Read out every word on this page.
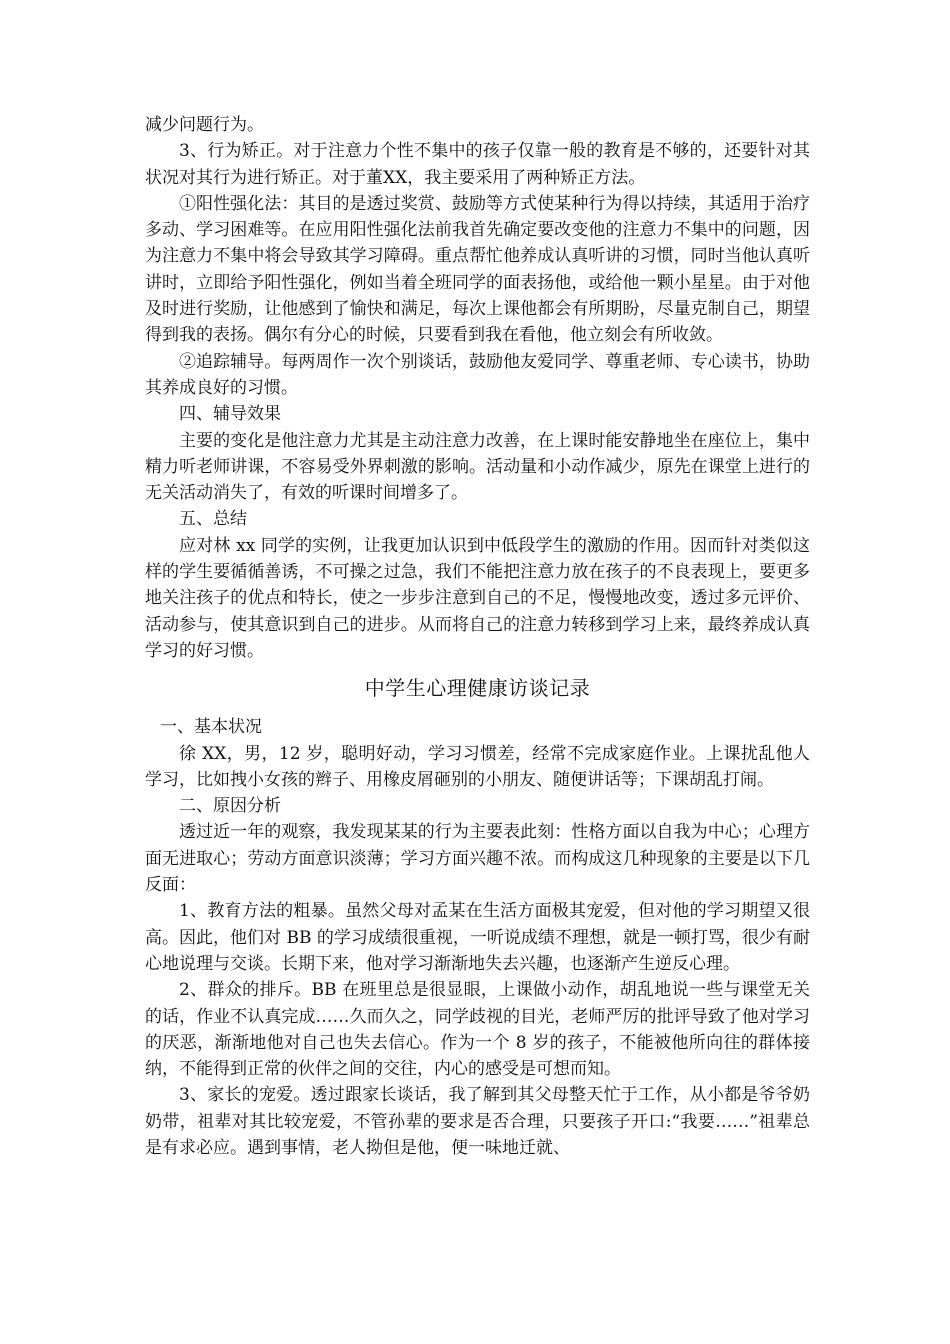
减少问题行为。

3、行为矫正。对于注意力个性不集中的孩子仅靠一般的教育是不够的，还要针对其状况对其行为进行矫正。对于董XX，我主要采用了两种矫正方法。

①阳性强化法：其目的是透过奖赏、鼓励等方式使某种行为得以持续，其适用于治疗多动、学习困难等。在应用阳性强化法前我首先确定要改变他的注意力不集中的问题，因为注意力不集中将会导致其学习障碍。重点帮忙他养成认真听讲的习惯，同时当他认真听讲时，立即给予阳性强化，例如当着全班同学的面表扬他，或给他一颗小星星。由于对他及时进行奖励，让他感到了愉快和满足，每次上课他都会有所期盼，尽量克制自己，期望得到我的表扬。偶尔有分心的时候，只要看到我在看他，他立刻会有所收敛。

②追踪辅导。每两周作一次个别谈话，鼓励他友爱同学、尊重老师、专心读书，协助其养成良好的习惯。

四、辅导效果

主要的变化是他注意力尤其是主动注意力改善，在上课时能安静地坐在座位上，集中精力听老师讲课，不容易受外界刺激的影响。活动量和小动作减少，原先在课堂上进行的无关活动消失了，有效的听课时间增多了。

五、总结

应对林 xx 同学的实例，让我更加认识到中低段学生的激励的作用。因而针对类似这样的学生要循循善诱，不可操之过急，我们不能把注意力放在孩子的不良表现上，要更多地关注孩子的优点和特长，使之一步步注意到自己的不足，慢慢地改变，透过多元评价、活动参与，使其意识到自己的进步。从而将自己的注意力转移到学习上来，最终养成认真学习的好习惯。

中学生心理健康访谈记录

一、基本状况

徐 XX，男，12 岁，聪明好动，学习习惯差，经常不完成家庭作业。上课扰乱他人学习，比如拽小女孩的辫子、用橡皮屑砸别的小朋友、随便讲话等；下课胡乱打闹。

二、原因分析

透过近一年的观察，我发现某某的行为主要表此刻：性格方面以自我为中心；心理方面无进取心；劳动方面意识淡薄；学习方面兴趣不浓。而构成这几种现象的主要是以下几反面：

1、教育方法的粗暴。虽然父母对孟某在生活方面极其宠爱，但对他的学习期望又很高。因此，他们对 BB 的学习成绩很重视，一听说成绩不理想，就是一顿打骂，很少有耐心地说理与交谈。长期下来，他对学习渐渐地失去兴趣，也逐渐产生逆反心理。

2、群众的排斥。BB 在班里总是很显眼，上课做小动作，胡乱地说一些与课堂无关的话，作业不认真完成……久而久之，同学歧视的目光，老师严厉的批评导致了他对学习的厌恶，渐渐地他对自己也失去信心。作为一个 8 岁的孩子，不能被他所向往的群体接纳，不能得到正常的伙伴之间的交往，内心的感受是可想而知。

3、家长的宠爱。透过跟家长谈话，我了解到其父母整天忙于工作，从小都是爷爷奶奶带，祖辈对其比较宠爱，不管孙辈的要求是否合理，只要孩子开口:“我要……”祖辈总是有求必应。遇到事情，老人拗但是他，便一味地迁就、
